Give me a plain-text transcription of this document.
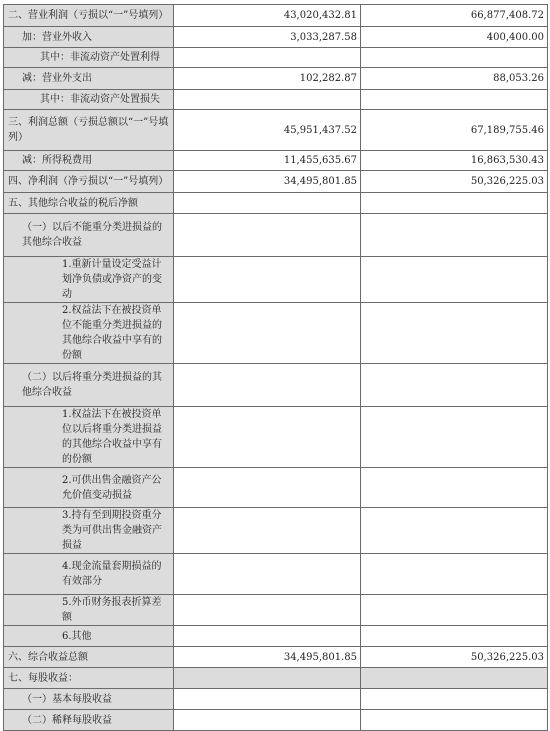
二、营业利润（亏损以“一”号填列）	43,020,432.81	66,877,408.72
加：营业外收入	3,033,287.58	400,400.00
其中：非流动资产处置利得		
减：营业外支出	102,282.87	88,053.26
其中：非流动资产处置损失		
三、利润总额（亏损总额以“一”号填列）	45,951,437.52	67,189,755.46
减：所得税费用	11,455,635.67	16,863,530.43
四、净利润（净亏损以“一”号填列）	34,495,801.85	50,326,225.03
五、其他综合收益的税后净额		
（一）以后不能重分类进损益的其他综合收益		
1.重新计量设定受益计划净负债或净资产的变动		
2.权益法下在被投资单位不能重分类进损益的其他综合收益中享有的份额		
（二）以后将重分类进损益的其他综合收益		
1.权益法下在被投资单位以后将重分类进损益的其他综合收益中享有的份额		
2.可供出售金融资产公允价值变动损益		
3.持有至到期投资重分类为可供出售金融资产损益		
4.现金流量套期损益的有效部分		
5.外币财务报表折算差额		
6.其他		
六、综合收益总额	34,495,801.85	50,326,225.03
七、每股收益：		
（一）基本每股收益		
（二）稀释每股收益		
